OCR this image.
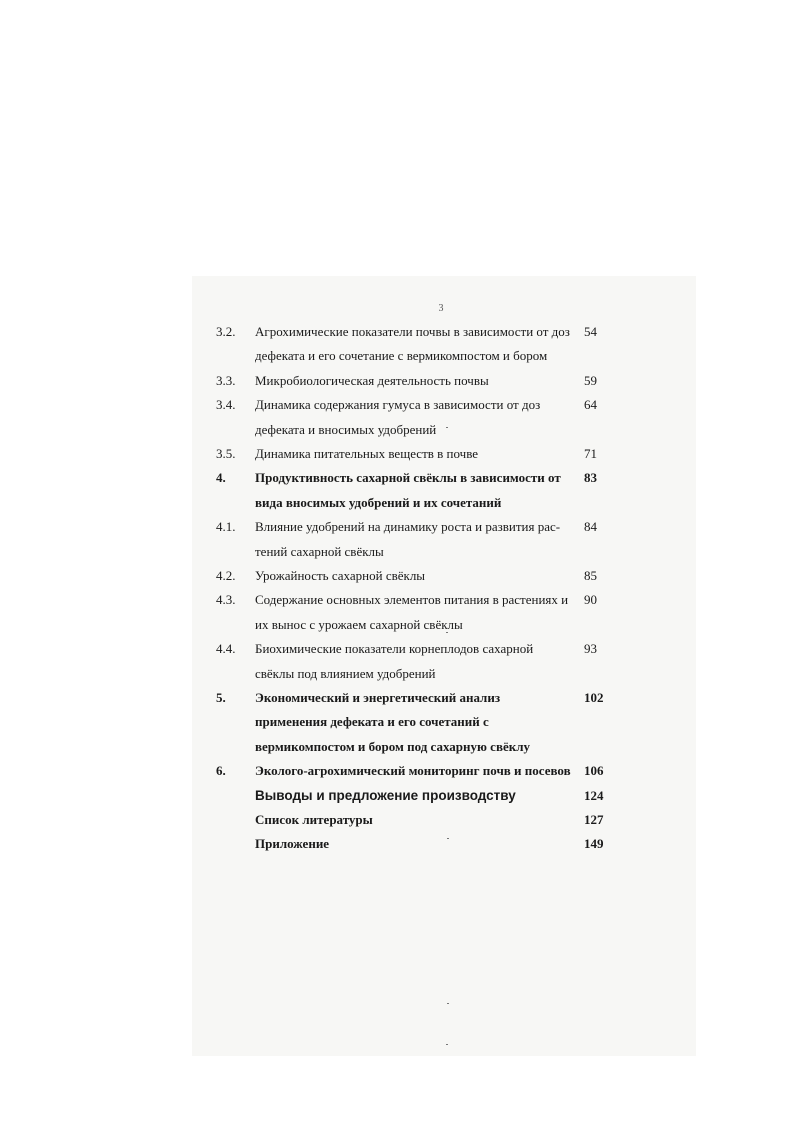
3
3.2.	Агрохимические показатели почвы в зависимости от доз
дефеката и его сочетание с вермикомпостом и бором
54
3.3.	Микробиологическая деятельность почвы	59
3.4.	Динамика содержания гумуса в зависимости от доз
дефеката и вносимых удобрений
64
3.5.	Динамика питательных веществ в почве	71
4.	Продуктивность сахарной свёклы в зависимости от
вида вносимых удобрений и их сочетаний
83
4.1.	Влияние удобрений на динамику роста и развития рас-
тений сахарной свёклы
84
4.2.	Урожайность сахарной свёклы	85
4.3.	Содержание основных элементов питания в растениях и
их вынос с урожаем сахарной свёклы
90
4.4.	Биохимические показатели корнеплодов сахарной
свёклы под влиянием удобрений
93
5.	Экономический и энергетический анализ
применения дефеката и его сочетаний с
вермикомпостом и бором под сахарную свёклу
102
6.	Эколого-агрохимический мониторинг почв и посевов	106
Выводы и предложение производству	124
Список литературы	127
Приложение	149
